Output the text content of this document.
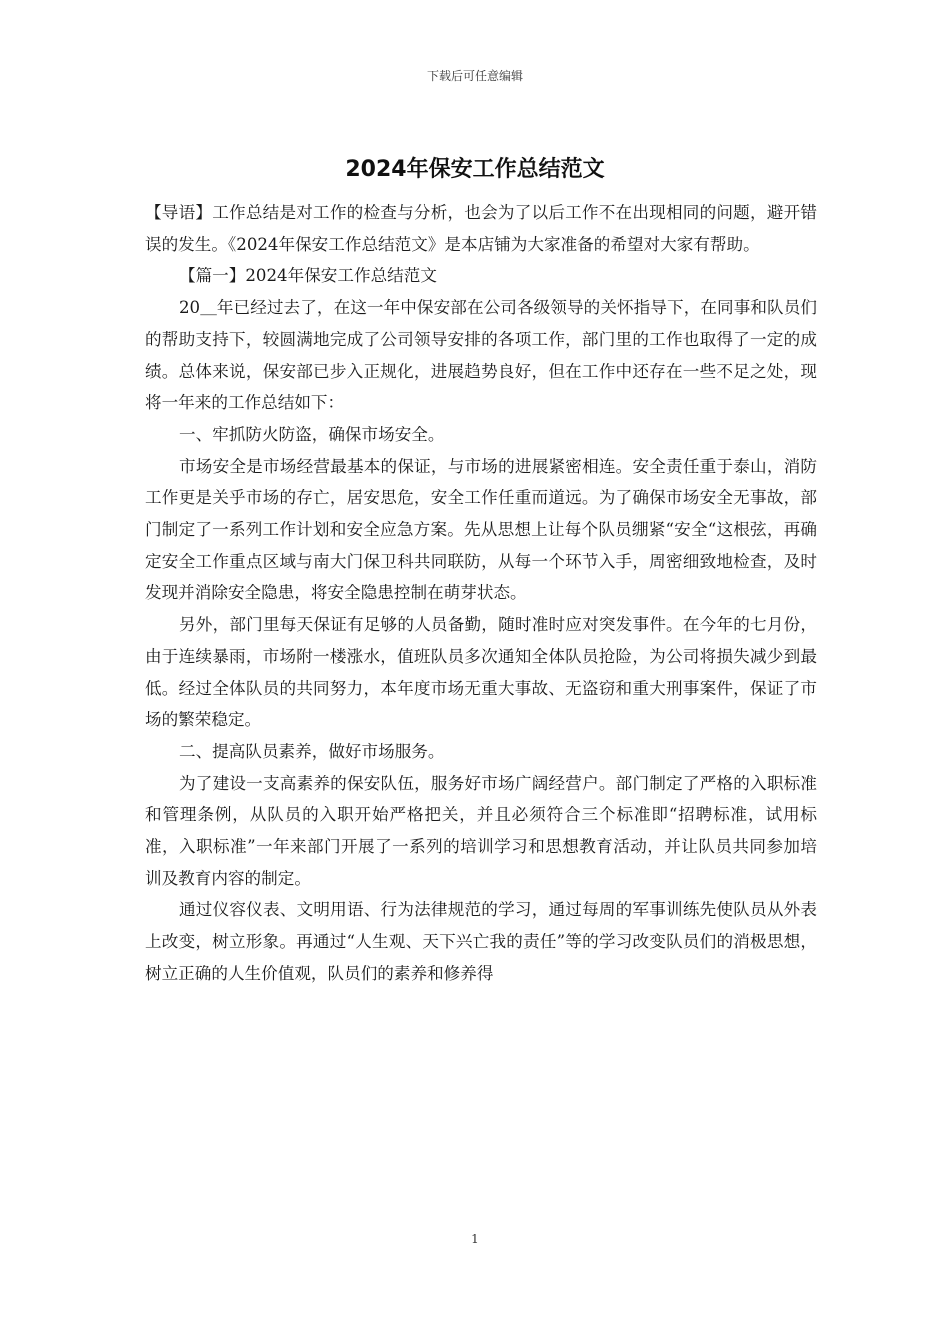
下载后可任意编辑
2024年保安工作总结范文

【导语】工作总结是对工作的检查与分析，也会为了以后工作不在出现相同的问题，避开错误的发生。《2024年保安工作总结范文》是本店铺为大家准备的希望对大家有帮助。

【篇一】2024年保安工作总结范文

20＿年已经过去了，在这一年中保安部在公司各级领导的关怀指导下，在同事和队员们的帮助支持下，较圆满地完成了公司领导安排的各项工作，部门里的工作也取得了一定的成绩。总体来说，保安部已步入正规化，进展趋势良好，但在工作中还存在一些不足之处，现将一年来的工作总结如下：

一、牢抓防火防盗，确保市场安全。

市场安全是市场经营最基本的保证，与市场的进展紧密相连。安全责任重于泰山，消防工作更是关乎市场的存亡，居安思危，安全工作任重而道远。为了确保市场安全无事故，部门制定了一系列工作计划和安全应急方案。先从思想上让每个队员绷紧“安全“这根弦，再确定安全工作重点区域与南大门保卫科共同联防，从每一个环节入手，周密细致地检查，及时发现并消除安全隐患，将安全隐患控制在萌芽状态。

另外，部门里每天保证有足够的人员备勤，随时准时应对突发事件。在今年的七月份，由于连续暴雨，市场附一楼涨水，值班队员多次通知全体队员抢险，为公司将损失减少到最低。经过全体队员的共同努力，本年度市场无重大事故、无盗窃和重大刑事案件，保证了市场的繁荣稳定。

二、提高队员素养，做好市场服务。

为了建设一支高素养的保安队伍，服务好市场广阔经营户。部门制定了严格的入职标准和管理条例，从队员的入职开始严格把关，并且必须符合三个标准即“招聘标准，试用标准，入职标准”一年来部门开展了一系列的培训学习和思想教育活动，并让队员共同参加培训及教育内容的制定。

通过仪容仪表、文明用语、行为法律规范的学习，通过每周的军事训练先使队员从外表上改变，树立形象。再通过“人生观、天下兴亡我的责任”等的学习改变队员们的消极思想，树立正确的人生价值观，队员们的素养和修养得

1
